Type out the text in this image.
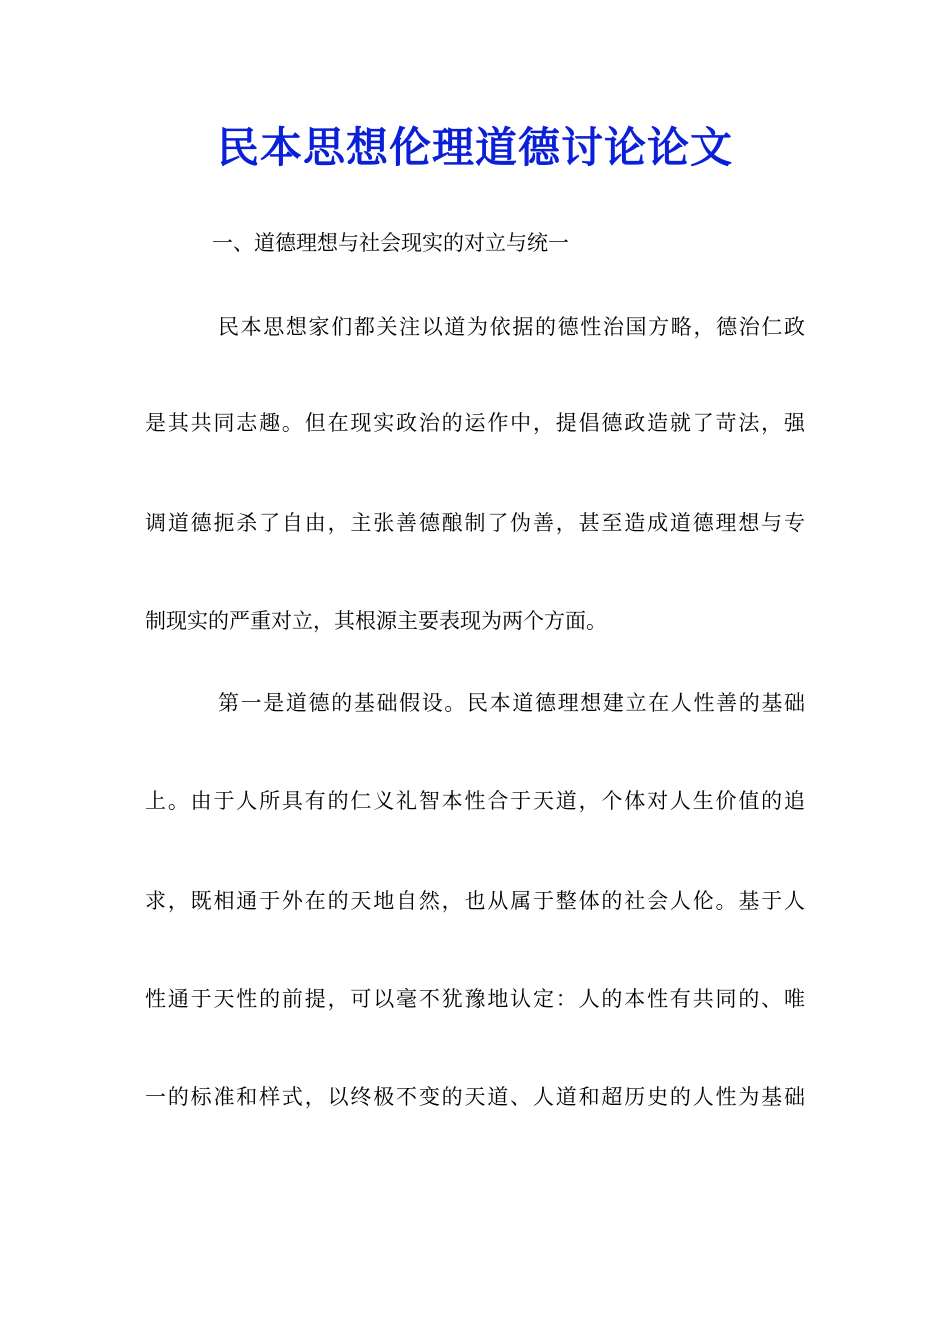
民本思想伦理道德讨论论文

一、道德理想与社会现实的对立与统一

民本思想家们都关注以道为依据的德性治国方略，德治仁政

是其共同志趣。但在现实政治的运作中，提倡德政造就了苛法，强

调道德扼杀了自由，主张善德酿制了伪善，甚至造成道德理想与专

制现实的严重对立，其根源主要表现为两个方面。

第一是道德的基础假设。民本道德理想建立在人性善的基础

上。由于人所具有的仁义礼智本性合于天道，个体对人生价值的追

求，既相通于外在的天地自然，也从属于整体的社会人伦。基于人

性通于天性的前提，可以毫不犹豫地认定：人的本性有共同的、唯

一的标准和样式，以终极不变的天道、人道和超历史的人性为基础
